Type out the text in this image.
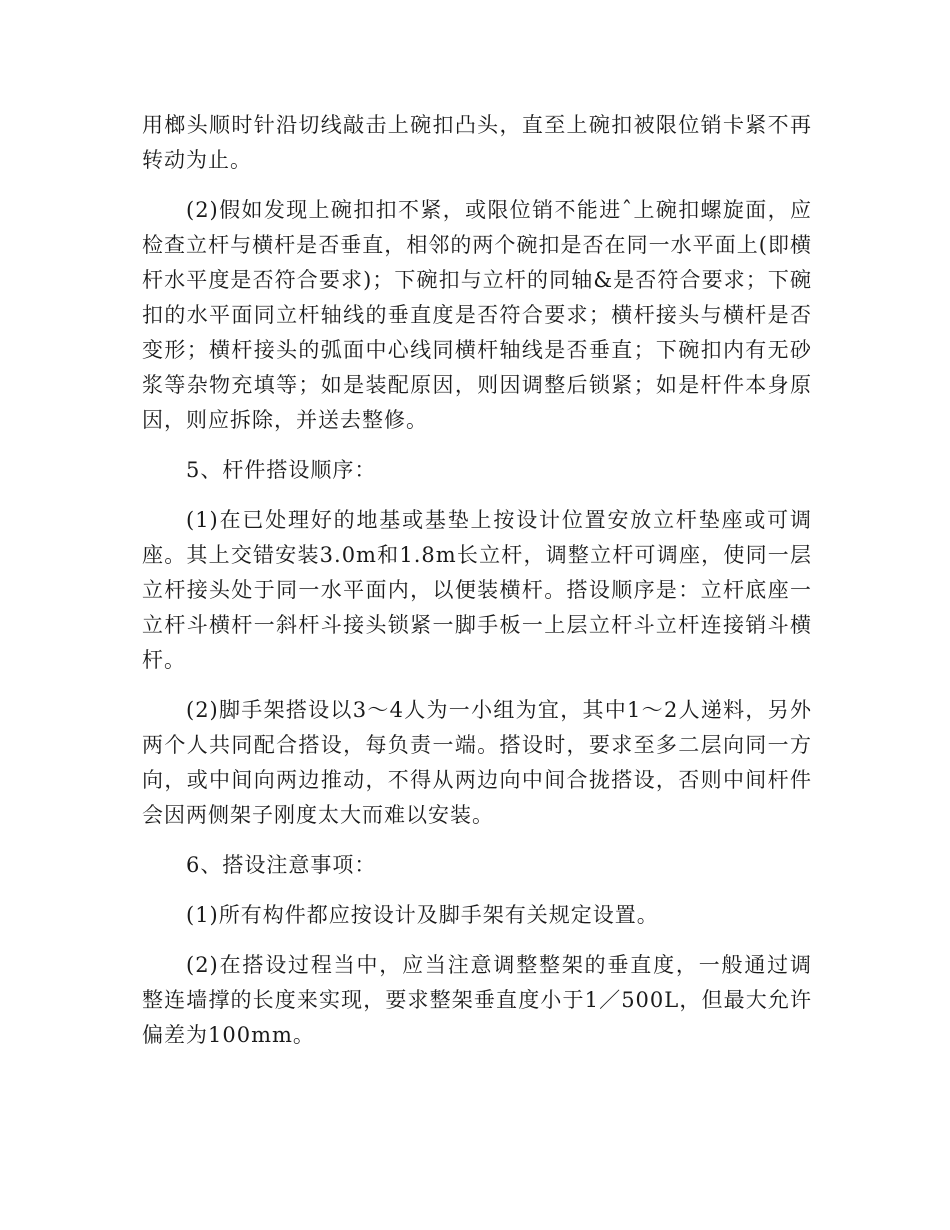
用榔头顺时针沿切线敲击上碗扣凸头，直至上碗扣被限位销卡紧不再转动为止。

(2)假如发现上碗扣扣不紧，或限位销不能进ˆ上碗扣螺旋面，应检查立杆与横杆是否垂直，相邻的两个碗扣是否在同一水平面上(即横杆水平度是否符合要求)；下碗扣与立杆的同轴&是否符合要求；下碗扣的水平面同立杆轴线的垂直度是否符合要求；横杆接头与横杆是否变形；横杆接头的弧面中心线同横杆轴线是否垂直；下碗扣内有无砂浆等杂物充填等；如是装配原因，则因调整后锁紧；如是杆件本身原因，则应拆除，并送去整修。

5、杆件搭设顺序：

(1)在已处理好的地基或基垫上按设计位置安放立杆垫座或可调座。其上交错安装3.0m和1.8m长立杆，调整立杆可调座，使同一层立杆接头处于同一水平面内，以便装横杆。搭设顺序是：立杆底座一立杆斗横杆一斜杆斗接头锁紧一脚手板一上层立杆斗立杆连接销斗横杆。

(2)脚手架搭设以3～4人为一小组为宜，其中1～2人递料，另外两个人共同配合搭设，每负责一端。搭设时，要求至多二层向同一方向，或中间向两边推动，不得从两边向中间合拢搭设，否则中间杆件会因两侧架子刚度太大而难以安装。

6、搭设注意事项：

(1)所有构件都应按设计及脚手架有关规定设置。

(2)在搭设过程当中，应当注意调整整架的垂直度，一般通过调整连墙撑的长度来实现，要求整架垂直度小于1／500L，但最大允许偏差为100mm。
